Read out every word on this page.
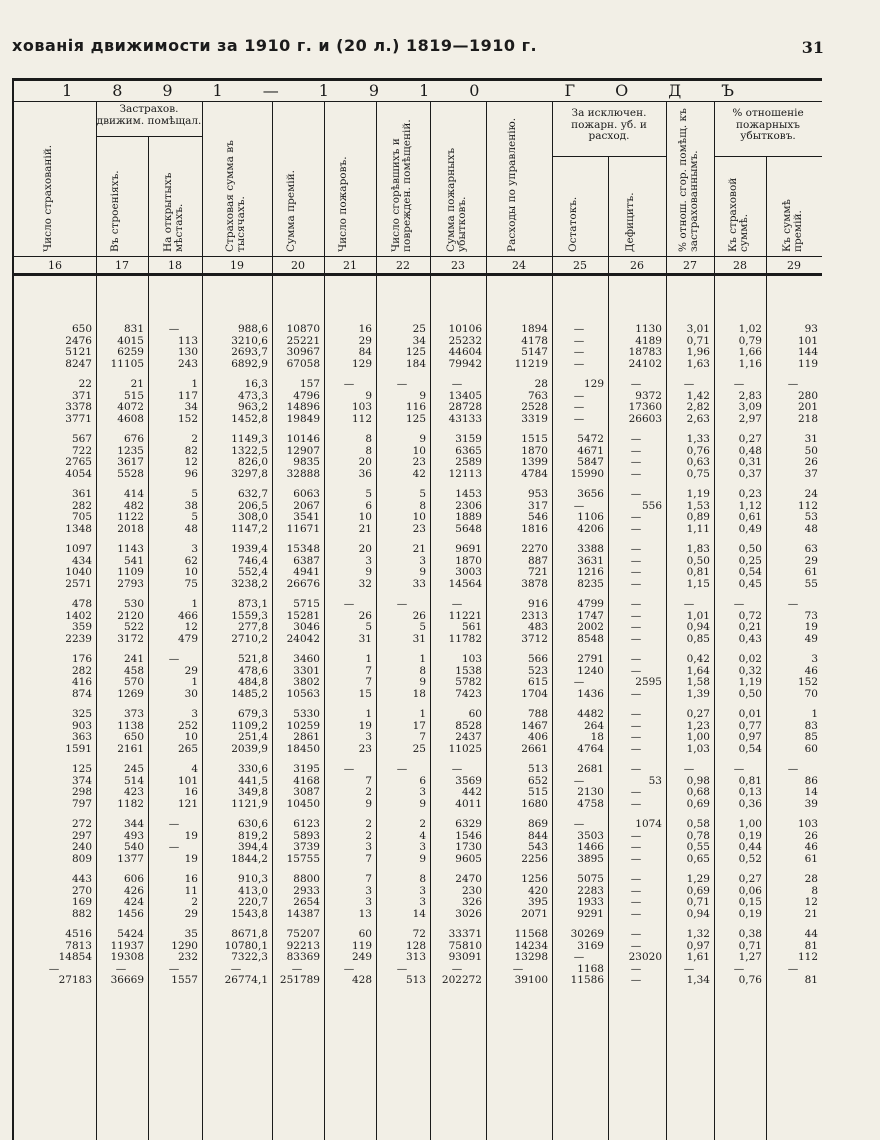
хованія движимости за 1910 г. и (20 л.) 1819—1910 г.	31
1891—1910 ГОДЪ
Застрахов. движим. помѣщал.
За исключен. пожарн. уб. и расход.
% отношеніе пожарныхъ убытковъ.
Число страхованій.	Въ строеніяхъ.	На открытыхъ мѣстахъ.	Страховая сумма въ тысячахъ.	Сумма премій.	Число пожаровъ.	Число сгорѣвшихъ и поврежден. помѣщеній.	Сумма пожарныхъ убытковъ.	Расходы по управленію.	Остатокъ.	Дефицитъ.	% отнош. сгор. помѣщ. къ застрахованнымъ.	Къ страховой суммѣ.	Къ суммѣ премій.
16	17	18	19	20	21	22	23	24	25	26	27	28	29
650	831	—	988,6	10870	16	25	10106	1894	—	1130	3,01	1,02	93
2476	4015	113	3210,6	25221	29	34	25232	4178	—	4189	0,71	0,79	101
5121	6259	130	2693,7	30967	84	125	44604	5147	—	18783	1,96	1,66	144
8247	11105	243	6892,9	67058	129	184	79942	11219	—	24102	1,63	1,16	119
22	21	1	16,3	157	—	—	—	28	129	—	—	—	—
371	515	117	473,3	4796	9	9	13405	763	—	9372	1,42	2,83	280
3378	4072	34	963,2	14896	103	116	28728	2528	—	17360	2,82	3,09	201
3771	4608	152	1452,8	19849	112	125	43133	3319	—	26603	2,63	2,97	218
567	676	2	1149,3	10146	8	9	3159	1515	5472	—	1,33	0,27	31
722	1235	82	1322,5	12907	8	10	6365	1870	4671	—	0,76	0,48	50
2765	3617	12	826,0	9835	20	23	2589	1399	5847	—	0,63	0,31	26
4054	5528	96	3297,8	32888	36	42	12113	4784	15990	—	0,75	0,37	37
361	414	5	632,7	6063	5	5	1453	953	3656	—	1,19	0,23	24
282	482	38	206,5	2067	6	8	2306	317	—	556	1,53	1,12	112
705	1122	5	308,0	3541	10	10	1889	546	1106	—	0,89	0,61	53
1348	2018	48	1147,2	11671	21	23	5648	1816	4206	—	1,11	0,49	48
1097	1143	3	1939,4	15348	20	21	9691	2270	3388	—	1,83	0,50	63
434	541	62	746,4	6387	3	3	1870	887	3631	—	0,50	0,25	29
1040	1109	10	552,4	4941	9	9	3003	721	1216	—	0,81	0,54	61
2571	2793	75	3238,2	26676	32	33	14564	3878	8235	—	1,15	0,45	55
478	530	1	873,1	5715	—	—	—	916	4799	—	—	—	—
1402	2120	466	1559,3	15281	26	26	11221	2313	1747	—	1,01	0,72	73
359	522	12	277,8	3046	5	5	561	483	2002	—	0,94	0,21	19
2239	3172	479	2710,2	24042	31	31	11782	3712	8548	—	0,85	0,43	49
176	241	—	521,8	3460	1	1	103	566	2791	—	0,42	0,02	3
282	458	29	478,6	3301	7	8	1538	523	1240	—	1,64	0,32	46
416	570	1	484,8	3802	7	9	5782	615	—	2595	1,58	1,19	152
874	1269	30	1485,2	10563	15	18	7423	1704	1436	—	1,39	0,50	70
325	373	3	679,3	5330	1	1	60	788	4482	—	0,27	0,01	1
903	1138	252	1109,2	10259	19	17	8528	1467	264	—	1,23	0,77	83
363	650	10	251,4	2861	3	7	2437	406	18	—	1,00	0,97	85
1591	2161	265	2039,9	18450	23	25	11025	2661	4764	—	1,03	0,54	60
125	245	4	330,6	3195	—	—	—	513	2681	—	—	—	—
374	514	101	441,5	4168	7	6	3569	652	—	53	0,98	0,81	86
298	423	16	349,8	3087	2	3	442	515	2130	—	0,68	0,13	14
797	1182	121	1121,9	10450	9	9	4011	1680	4758	—	0,69	0,36	39
272	344	—	630,6	6123	2	2	6329	869	—	1074	0,58	1,00	103
297	493	19	819,2	5893	2	4	1546	844	3503	—	0,78	0,19	26
240	540	—	394,4	3739	3	3	1730	543	1466	—	0,55	0,44	46
809	1377	19	1844,2	15755	7	9	9605	2256	3895	—	0,65	0,52	61
443	606	16	910,3	8800	7	8	2470	1256	5075	—	1,29	0,27	28
270	426	11	413,0	2933	3	3	230	420	2283	—	0,69	0,06	8
169	424	2	220,7	2654	3	3	326	395	1933	—	0,71	0,15	12
882	1456	29	1543,8	14387	13	14	3026	2071	9291	—	0,94	0,19	21
4516	5424	35	8671,8	75207	60	72	33371	11568	30269	—	1,32	0,38	44
7813	11937	1290	10780,1	92213	119	128	75810	14234	3169	—	0,97	0,71	81
14854	19308	232	7322,3	83369	249	313	93091	13298	—	23020	1,61	1,27	112
—	—	—	—	—	—	—	—	—	1168	—	—	—	—
27183	36669	1557	26774,1	251789	428	513	202272	39100	11586	—	1,34	0,76	81
